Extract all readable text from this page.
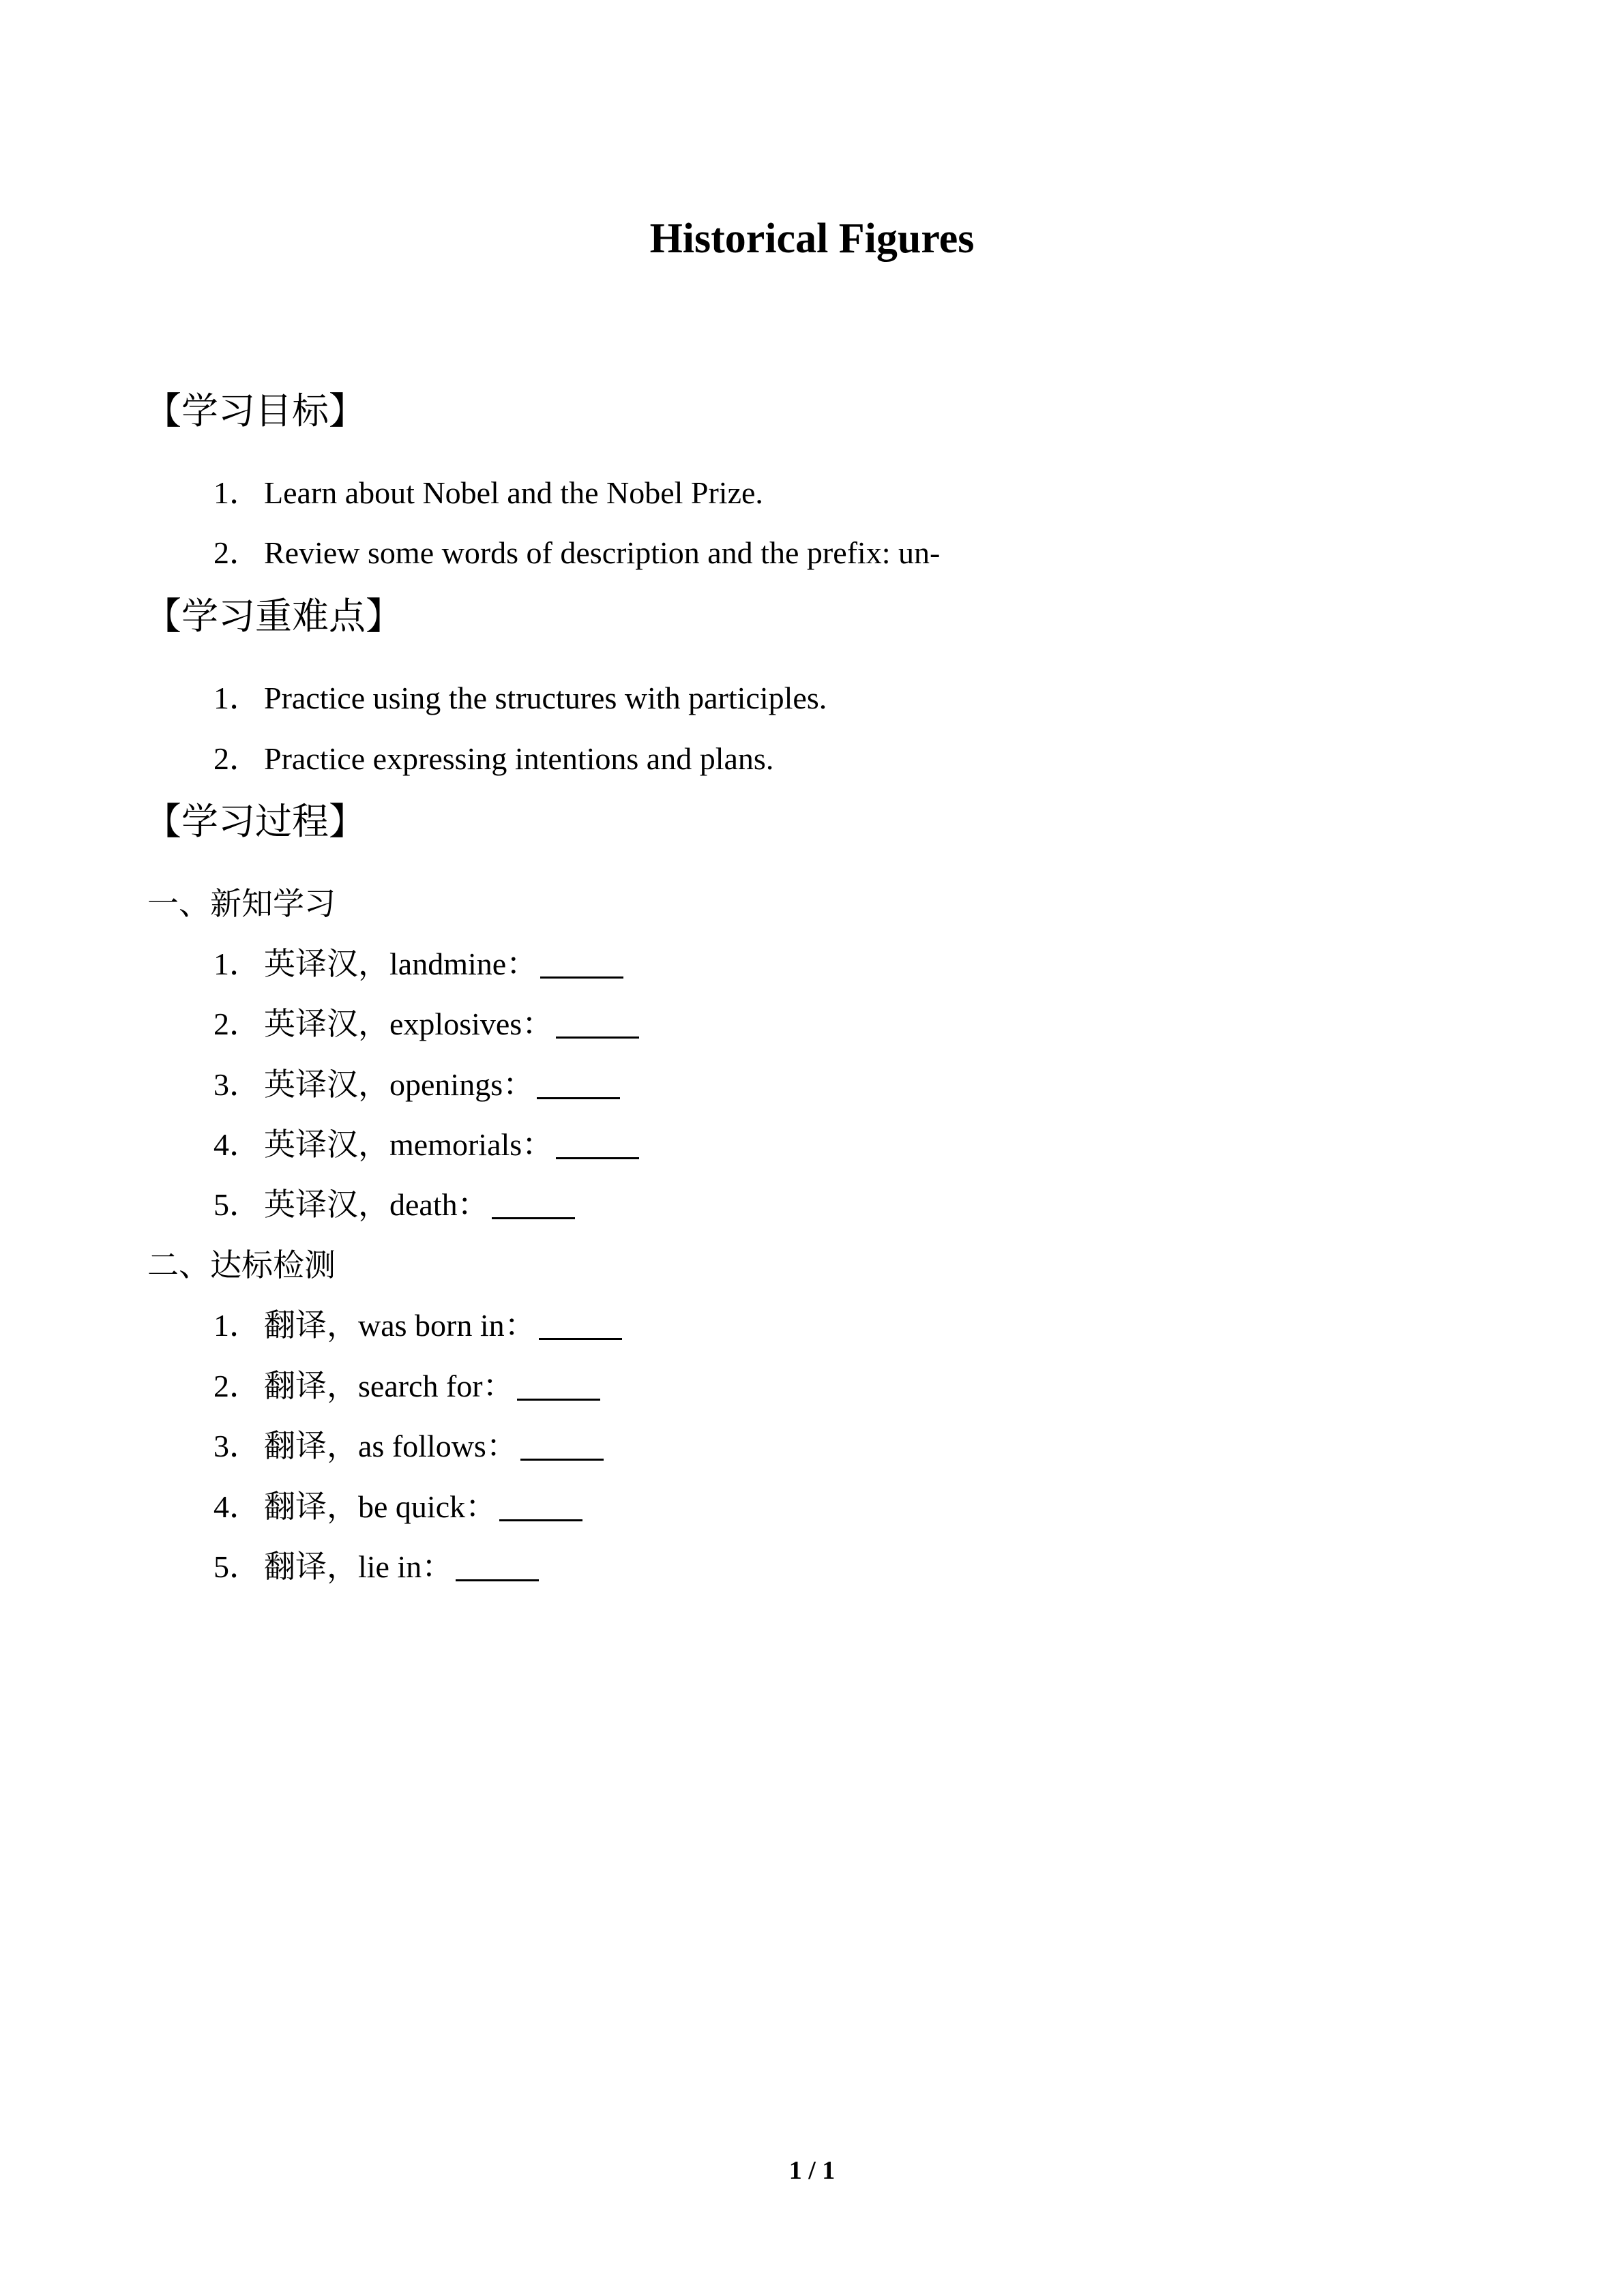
Historical Figures
【学习目标】
1． Learn about Nobel and the Nobel Prize.
2． Review some words of description and the prefix: un-
【学习重难点】
1． Practice using the structures with participles.
2． Practice expressing intentions and plans.
【学习过程】
一、新知学习
1． 英译汉，landmine：
2． 英译汉，explosives：
3． 英译汉，openings：
4． 英译汉，memorials：
5． 英译汉，death：
二、达标检测
1． 翻译，was born in：
2． 翻译，search for：
3． 翻译，as follows：
4． 翻译，be quick：
5． 翻译，lie in：
1 / 1
